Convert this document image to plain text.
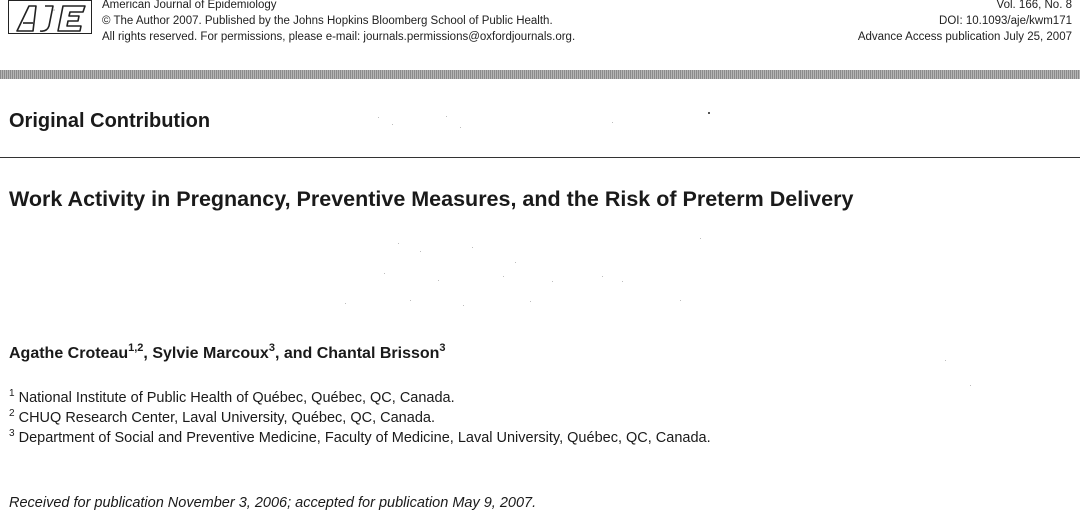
American Journal of Epidemiology
© The Author 2007. Published by the Johns Hopkins Bloomberg School of Public Health.
All rights reserved. For permissions, please e-mail: journals.permissions@oxfordjournals.org.
Vol. 166, No. 8
DOI: 10.1093/aje/kwm171
Advance Access publication July 25, 2007
Original Contribution
Work Activity in Pregnancy, Preventive Measures, and the Risk of Preterm Delivery
Agathe Croteau$^{1,2}$, Sylvie Marcoux$^3$, and Chantal Brisson$^3$
$^1$ National Institute of Public Health of Québec, Québec, QC, Canada.
$^2$ CHUQ Research Center, Laval University, Québec, QC, Canada.
$^3$ Department of Social and Preventive Medicine, Faculty of Medicine, Laval University, Québec, QC, Canada.
Received for publication November 3, 2006; accepted for publication May 9, 2007.
